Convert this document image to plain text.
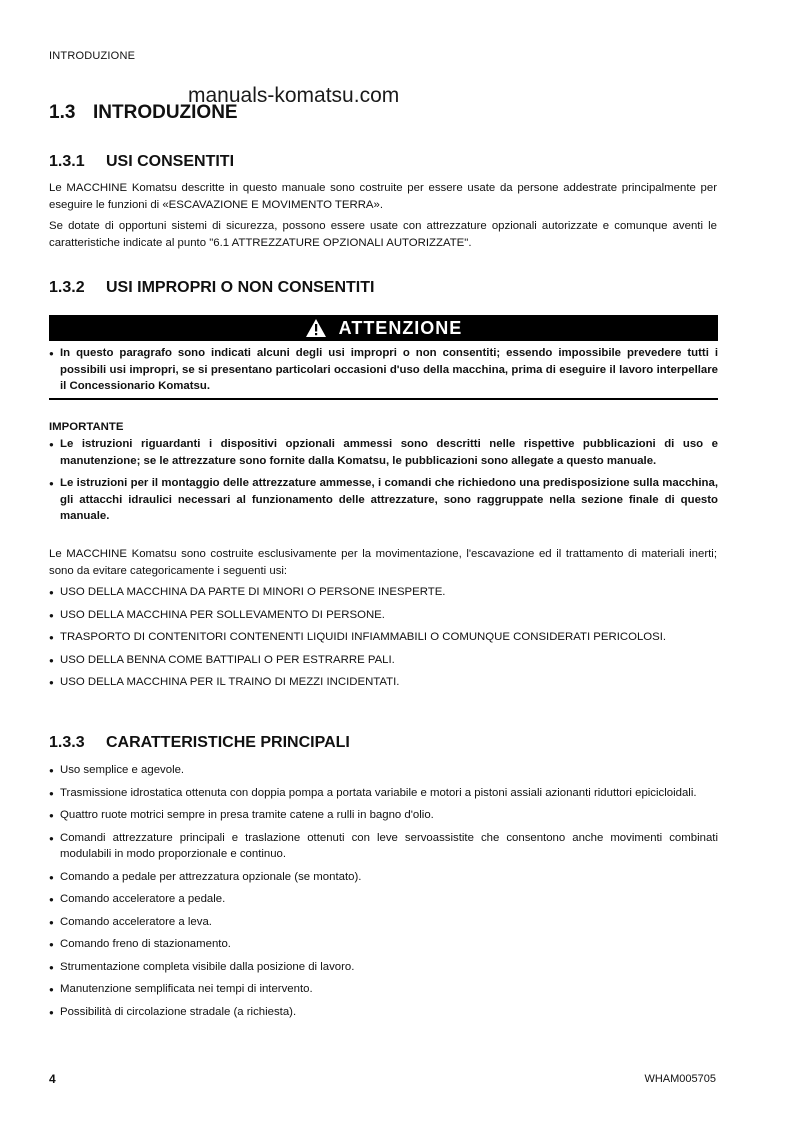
INTRODUZIONE
manuals-komatsu.com
1.3 INTRODUZIONE
1.3.1 USI CONSENTITI

Le MACCHINE Komatsu descritte in questo manuale sono costruite per essere usate da persone addestrate principalmente per eseguire le funzioni di «ESCAVAZIONE E MOVIMENTO TERRA».

Se dotate di opportuni sistemi di sicurezza, possono essere usate con attrezzature opzionali autorizzate e comunque aventi le caratteristiche indicate al punto "6.1 ATTREZZATURE OPZIONALI AUTORIZZATE".

1.3.2 USI IMPROPRI O NON CONSENTITI
ATTENZIONE
● In questo paragrafo sono indicati alcuni degli usi impropri o non consentiti; essendo impossibile prevedere tutti i possibili usi impropri, se si presentano particolari occasioni d'uso della macchina, prima di eseguire il lavoro interpellare il Concessionario Komatsu.
IMPORTANTE
● Le istruzioni riguardanti i dispositivi opzionali ammessi sono descritti nelle rispettive pubblicazioni di uso e manutenzione; se le attrezzature sono fornite dalla Komatsu, le pubblicazioni sono allegate a questo manuale.
● Le istruzioni per il montaggio delle attrezzature ammesse, i comandi che richiedono una predisposizione sulla macchina, gli attacchi idraulici necessari al funzionamento delle attrezzature, sono raggruppate nella sezione finale di questo manuale.

Le MACCHINE Komatsu sono costruite esclusivamente per la movimentazione, l'escavazione ed il trattamento di materiali inerti; sono da evitare categoricamente i seguenti usi:

● USO DELLA MACCHINA DA PARTE DI MINORI O PERSONE INESPERTE.
● USO DELLA MACCHINA PER SOLLEVAMENTO DI PERSONE.
● TRASPORTO DI CONTENITORI CONTENENTI LIQUIDI INFIAMMABILI O COMUNQUE CONSIDERATI PERICOLOSI.
● USO DELLA BENNA COME BATTIPALI O PER ESTRARRE PALI.
● USO DELLA MACCHINA PER IL TRAINO DI MEZZI INCIDENTATI.
1.3.3 CARATTERISTICHE PRINCIPALI
● Uso semplice e agevole.
● Trasmissione idrostatica ottenuta con doppia pompa a portata variabile e motori a pistoni assiali azionanti riduttori epicicloidali.
● Quattro ruote motrici sempre in presa tramite catene a rulli in bagno d'olio.
● Comandi attrezzature principali e traslazione ottenuti con leve servoassistite che consentono anche movimenti combinati modulabili in modo proporzionale e continuo.
● Comando a pedale per attrezzatura opzionale (se montato).
● Comando acceleratore a pedale.
● Comando acceleratore a leva.
● Comando freno di stazionamento.
● Strumentazione completa visibile dalla posizione di lavoro.
● Manutenzione semplificata nei tempi di intervento.
● Possibilità di circolazione stradale (a richiesta).
4	WHAM005705
